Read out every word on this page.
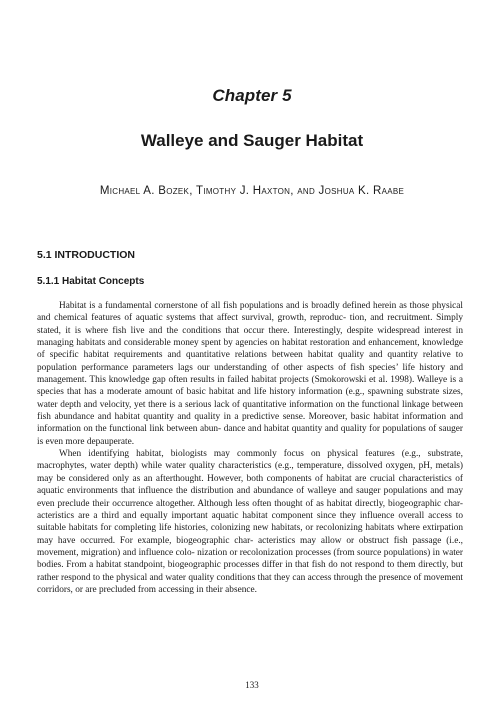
Chapter 5
Walleye and Sauger Habitat
Michael A. Bozek, Timothy J. Haxton, and Joshua K. Raabe
5.1 INTRODUCTION
5.1.1 Habitat Concepts

Habitat is a fundamental cornerstone of all fish populations and is broadly defined herein as those physical and chemical features of aquatic systems that affect survival, growth, reproduc- tion, and recruitment. Simply stated, it is where fish live and the conditions that occur there. Interestingly, despite widespread interest in managing habitats and considerable money spent by agencies on habitat restoration and enhancement, knowledge of specific habitat requirements and quantitative relations between habitat quality and quantity relative to population performance parameters lags our understanding of other aspects of fish species’ life history and management. This knowledge gap often results in failed habitat projects (Smokorowski et al. 1998). Walleye is a species that has a moderate amount of basic habitat and life history information (e.g., spawning substrate sizes, water depth and velocity, yet there is a serious lack of quantitative information on the functional linkage between fish abundance and habitat quantity and quality in a predictive sense. Moreover, basic habitat information and information on the functional link between abun- dance and habitat quantity and quality for populations of sauger is even more depauperate.

When identifying habitat, biologists may commonly focus on physical features (e.g., substrate, macrophytes, water depth) while water quality characteristics (e.g., temperature, dissolved oxygen, pH, metals) may be considered only as an afterthought. However, both components of habitat are crucial characteristics of aquatic environments that influence the distribution and abundance of walleye and sauger populations and may even preclude their occurrence altogether. Although less often thought of as habitat directly, biogeographic char- acteristics are a third and equally important aquatic habitat component since they influence overall access to suitable habitats for completing life histories, colonizing new habitats, or recolonizing habitats where extirpation may have occurred. For example, biogeographic char- acteristics may allow or obstruct fish passage (i.e., movement, migration) and influence colo- nization or recolonization processes (from source populations) in water bodies. From a habitat standpoint, biogeographic processes differ in that fish do not respond to them directly, but rather respond to the physical and water quality conditions that they can access through the presence of movement corridors, or are precluded from accessing in their absence.

133
